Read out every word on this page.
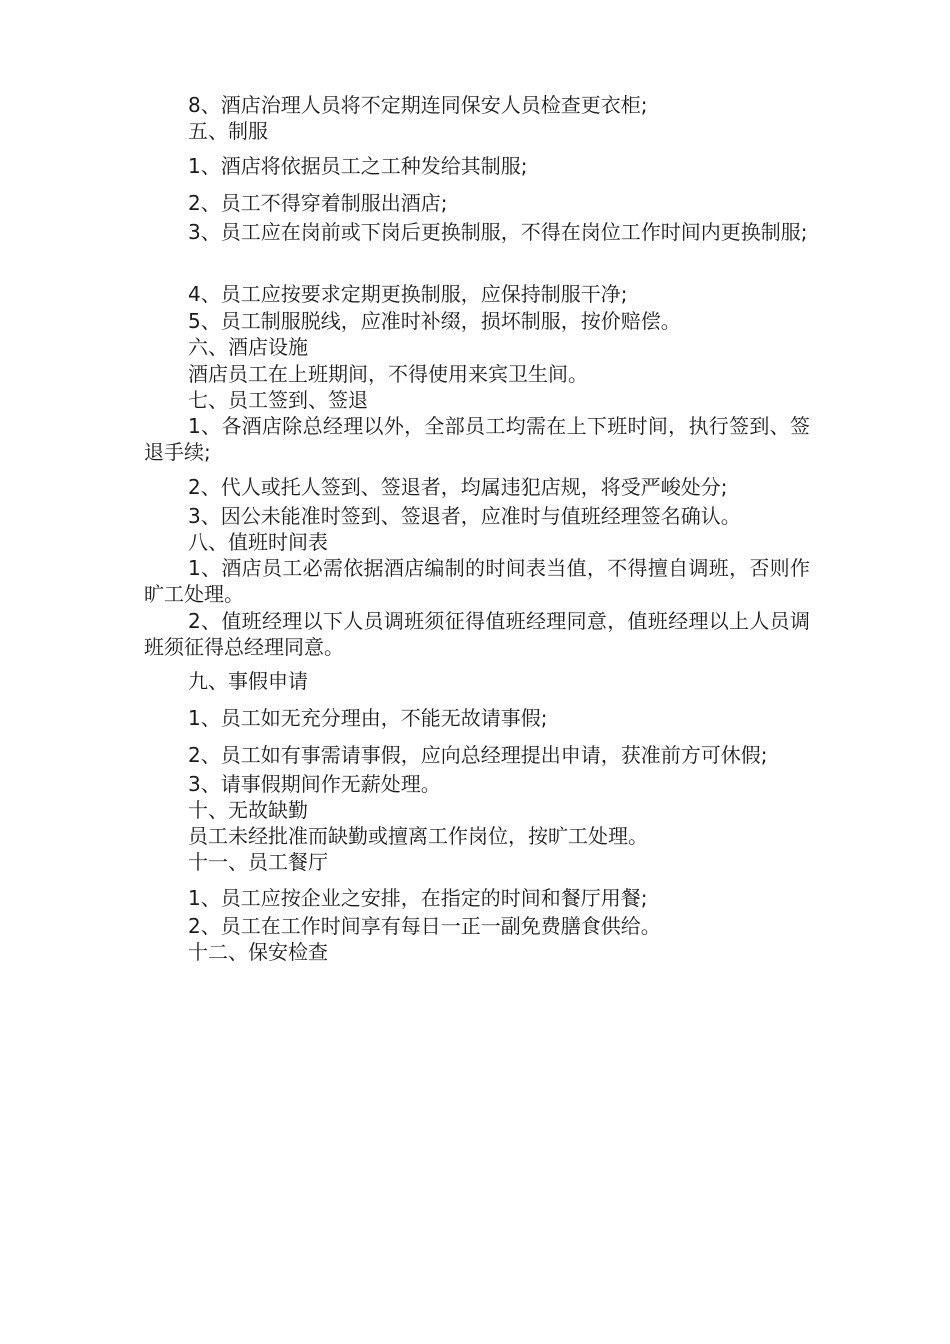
8、酒店治理人员将不定期连同保安人员检查更衣柜;
五、制服
1、酒店将依据员工之工种发给其制服;
2、员工不得穿着制服出酒店;
3、员工应在岗前或下岗后更换制服，不得在岗位工作时间内更换制服;
4、员工应按要求定期更换制服，应保持制服干净;
5、员工制服脱线，应准时补缀，损坏制服，按价赔偿。
六、酒店设施
酒店员工在上班期间，不得使用来宾卫生间。
七、员工签到、签退
1、各酒店除总经理以外，全部员工均需在上下班时间，执行签到、签退手续;
2、代人或托人签到、签退者，均属违犯店规，将受严峻处分;
3、因公未能准时签到、签退者，应准时与值班经理签名确认。
八、值班时间表
1、酒店员工必需依据酒店编制的时间表当值，不得擅自调班，否则作旷工处理。
2、值班经理以下人员调班须征得值班经理同意，值班经理以上人员调班须征得总经理同意。
九、事假申请
1、员工如无充分理由，不能无故请事假;
2、员工如有事需请事假，应向总经理提出申请，获准前方可休假;
3、请事假期间作无薪处理。
十、无故缺勤
员工未经批准而缺勤或擅离工作岗位，按旷工处理。
十一、员工餐厅
1、员工应按企业之安排，在指定的时间和餐厅用餐;
2、员工在工作时间享有每日一正一副免费膳食供给。
十二、保安检查
